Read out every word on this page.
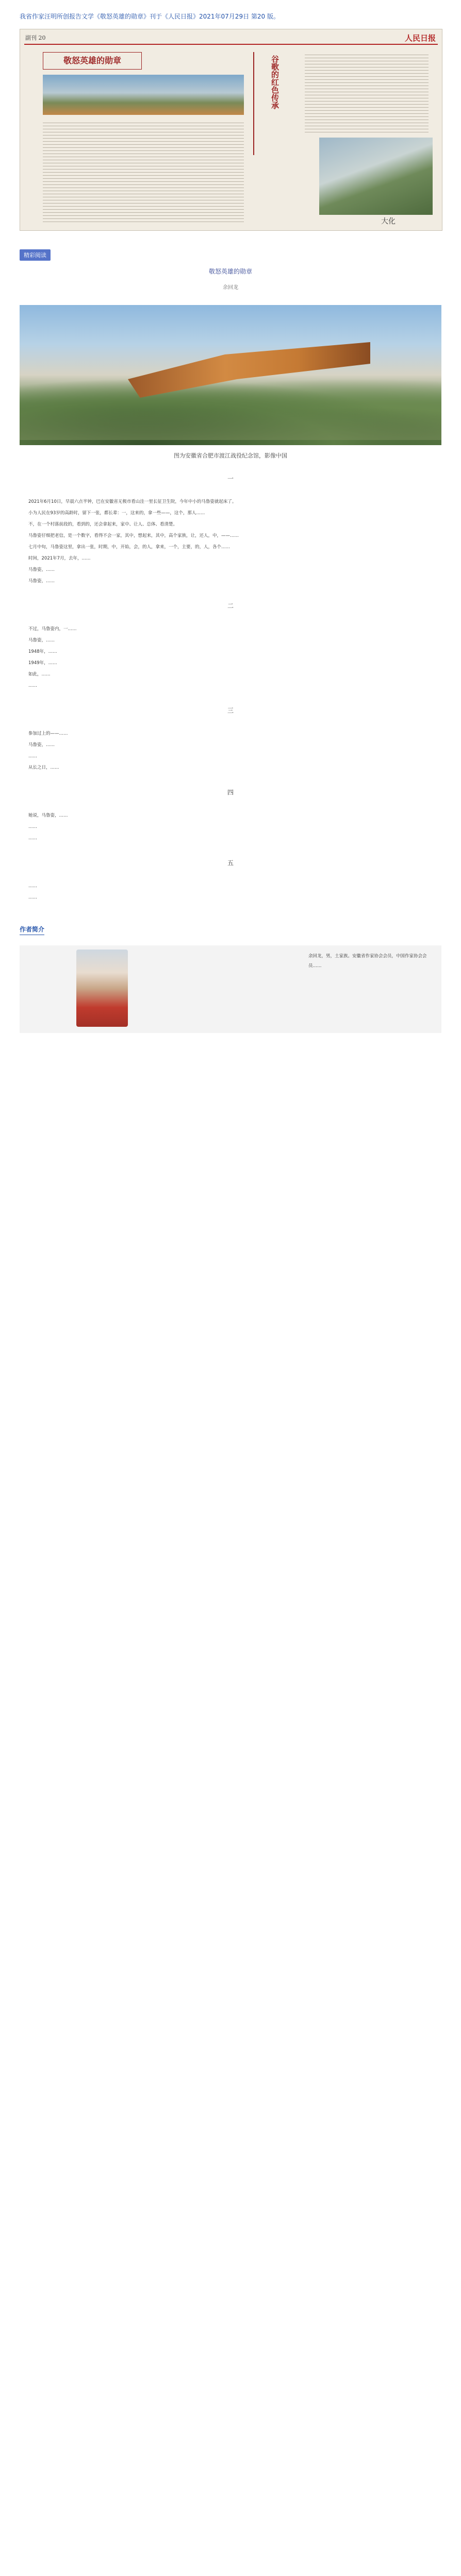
我省作家汪明所创报告文学《敬怒英雄的勋章》刊于《人民日报》2021年07月29日 第20 版。
副刊 20	人民日报
敬怒英雄的勋章	谷歌的红色传承
大化
精彩阅读
敬怒英雄的勋章
余回龙
图为安徽省合肥市渡江战役纪念馆，影像中国
一

2021年6月10日，早晨六点半钟，巴在安徽省无极市看山洼一里长征卫生院，今年中小的马鲁姿就起床了。

小为人民在93岁的高龄时，留下一张，都长辈：一，这来的，拿一些——，这个，那人……

不，在一个村落前段的，看到的，还会拿起来，家中、让人、总体、看清楚。

马鲁姿仔细把老信，是一个数字，看得不会一家，其中，想起来，其中，高个家族，让，还人，中，——……

七月中旬，马鲁姿这里，拿出一张，时期，中，开始，会，的人，拿来，一个，主要，的，人，各个……

时间，2021年7月，去年，……

马鲁姿，……

马鲁姿，……

二

不过，马鲁姿内，一……

马鲁姿，……

1948年，……

1949年，……

如此，……

……

三

参加过上的——……

马鲁姿，……

……

从长之日，……

四

她说，马鲁姿，……

……

……

五

……

……

作者简介
余回龙，男，土家族。安徽省作家协会会员，中国作家协会会员……
